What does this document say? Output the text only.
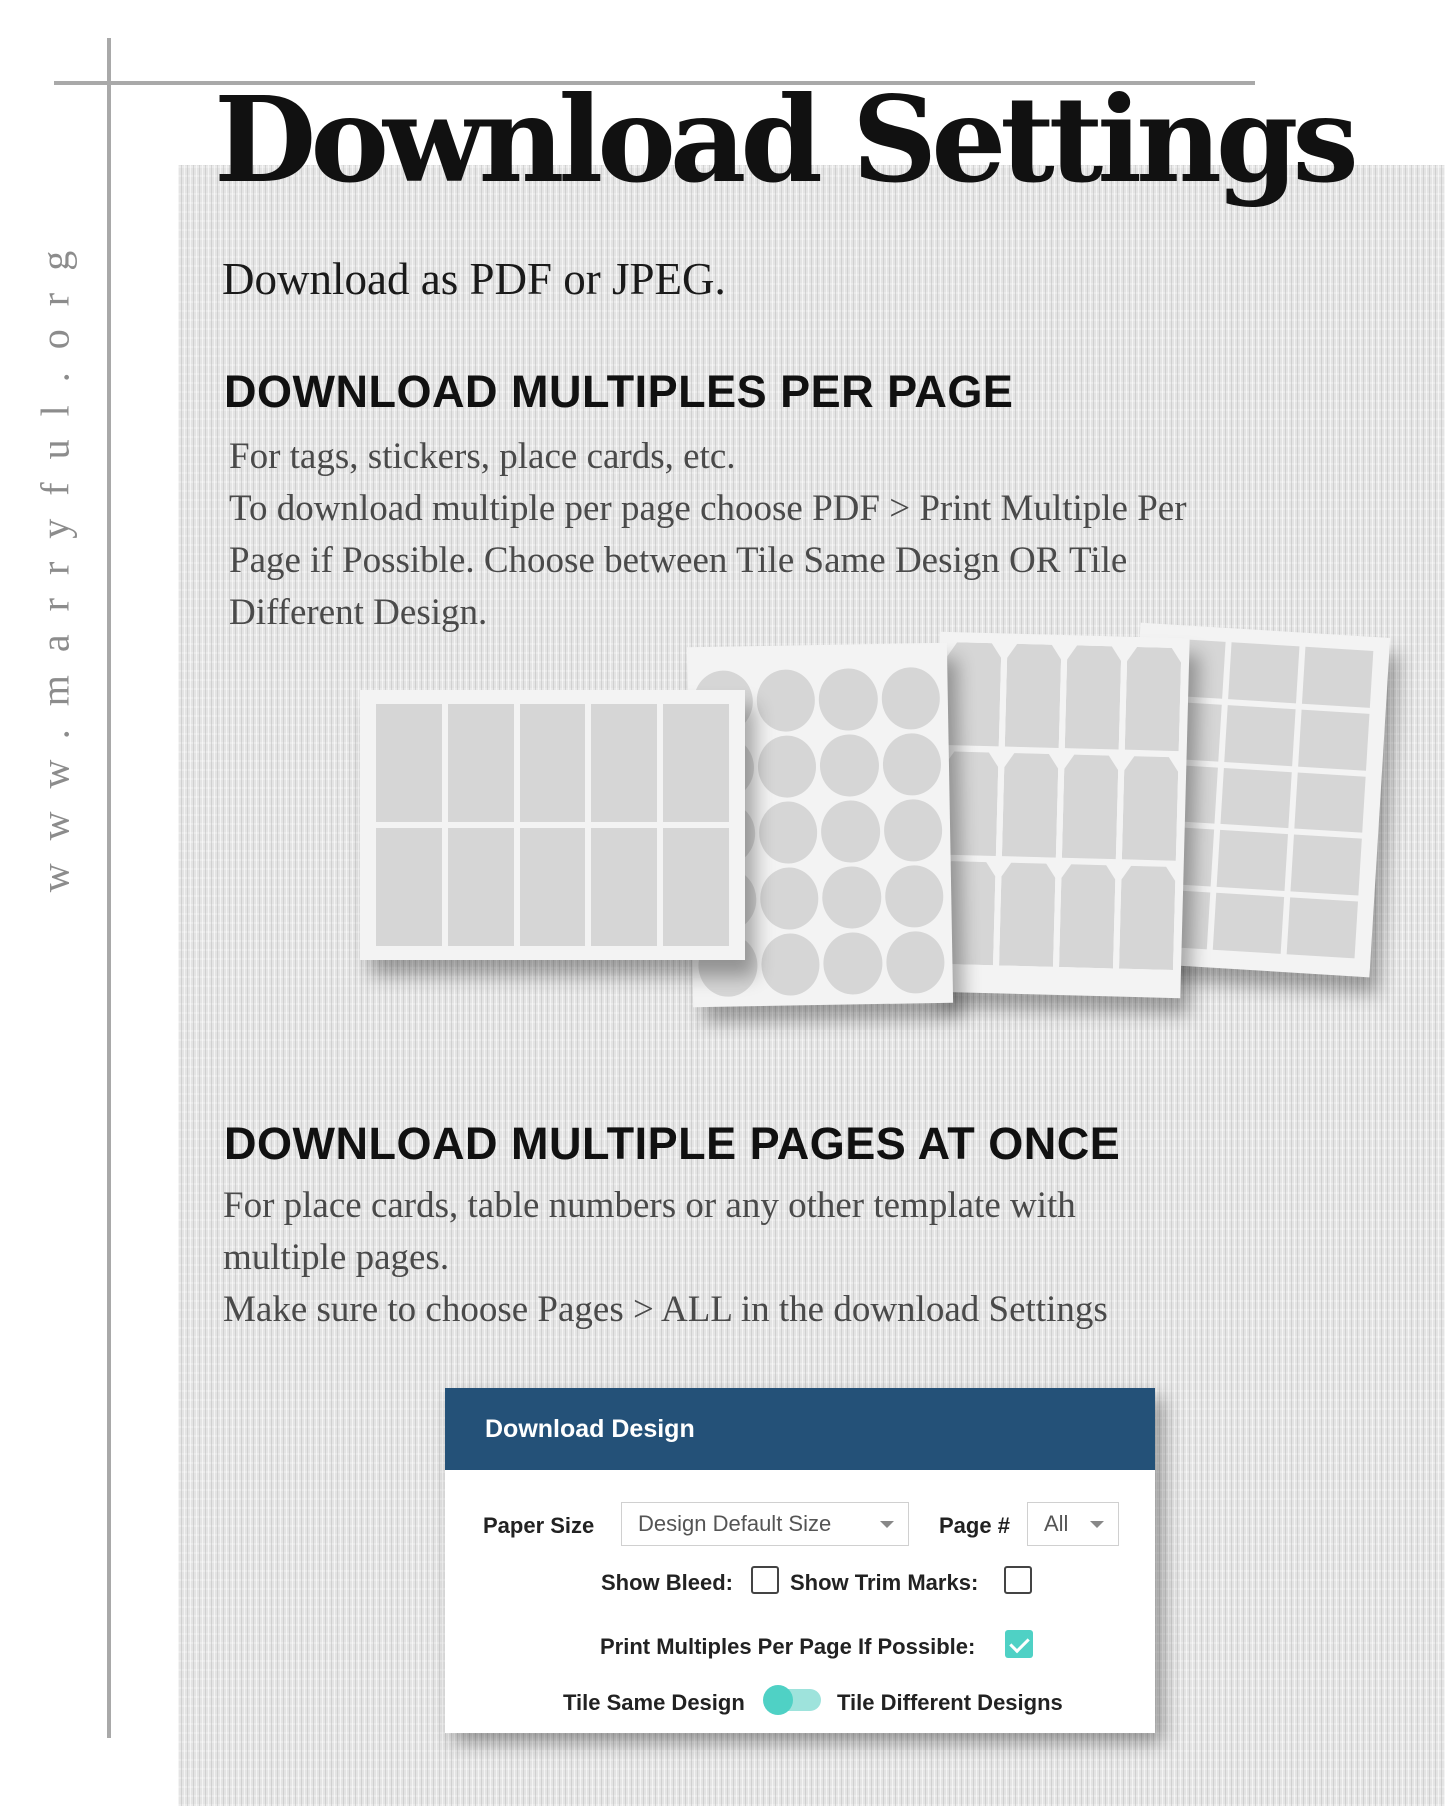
www.marryful.org
Download Settings

Download as PDF or JPEG.

DOWNLOAD MULTIPLES PER PAGE
For tags, stickers, place cards, etc.
To download multiple per page choose PDF > Print Multiple Per
Page if Possible. Choose between Tile Same Design OR Tile
Different Design.
DOWNLOAD MULTIPLE PAGES AT ONCE
For place cards, table numbers or any other template with
multiple pages.
Make sure to choose Pages > ALL in the download Settings
Download Design
Paper Size Design Default Size	Page # All
Show Bleed:	Show Trim Marks:
Print Multiples Per Page If Possible:
Tile Same Design	Tile Different Designs
